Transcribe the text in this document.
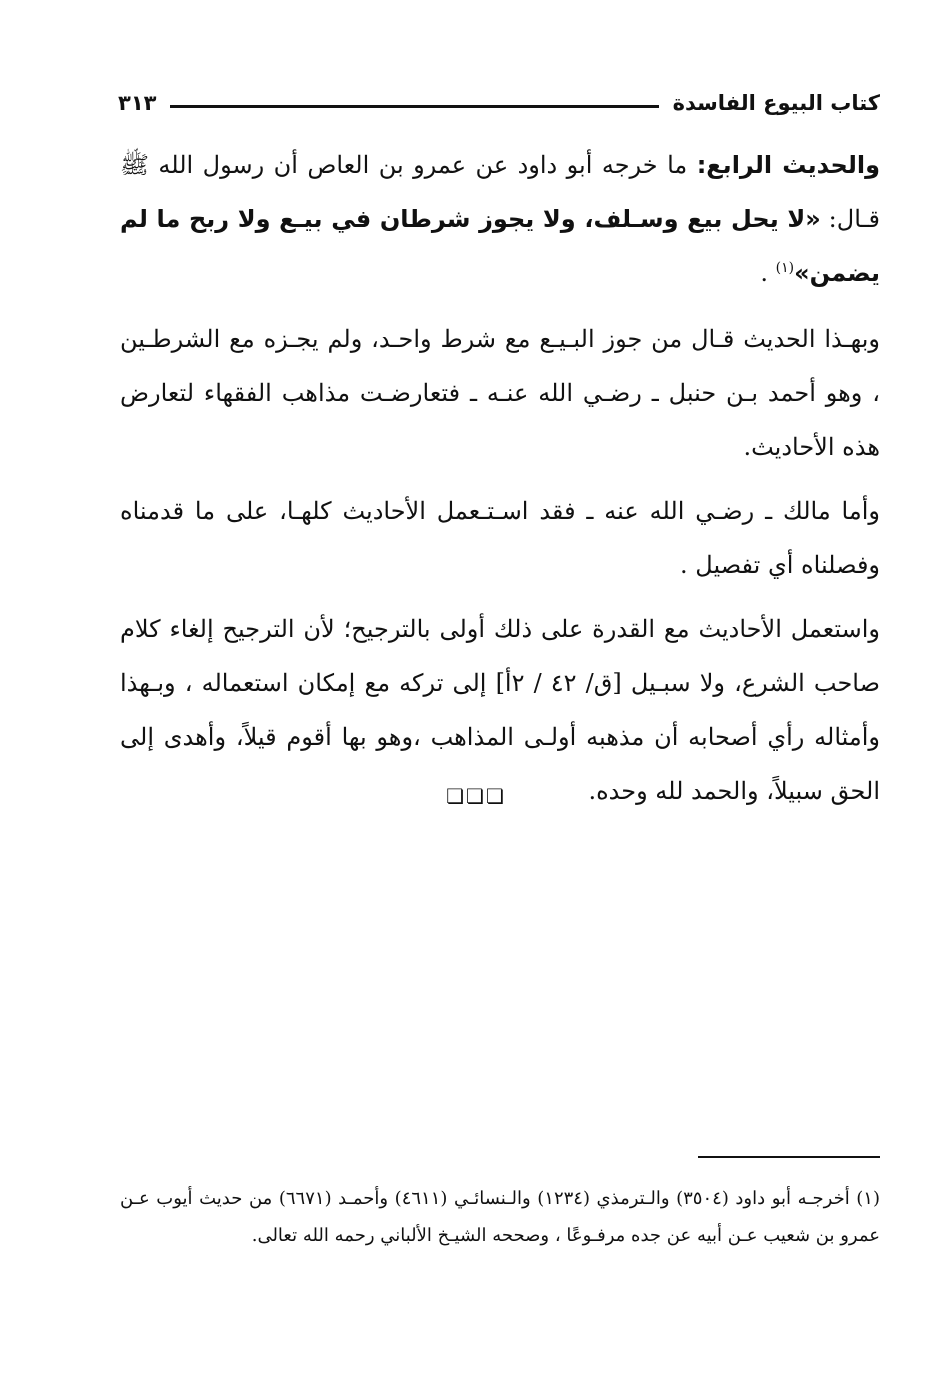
كتاب البيوع الفاسدة
٣١٣

والحديث الرابع: ما خرجه أبو داود عن عمرو بن العاص أن رسول الله ﷺ قـال: «لا يحل بيع وسـلف، ولا يجوز شرطان في بيـع ولا ربح ما لم يضمن»$^{(١)}$ .

وبهـذا الحديث قـال من جوز البـيـع مع شرط واحـد، ولم يجـزه مع الشرطـين ، وهو أحمد بـن حنبل ـ رضـي الله عنـه ـ فتعارضـت مذاهب الفقهاء لتعارض هذه الأحاديث.

وأما مالك ـ رضـي الله عنه ـ فقد اسـتـعمل الأحاديث كلهـا، على ما قدمناه وفصلناه أي تفصيل .

واستعمل الأحاديث مع القدرة على ذلك أولى بالترجيح؛ لأن الترجيح إلغاء كلام صاحب الشرع، ولا سبـيل [ق/ ٤٢ / ٢أ] إلى تركه مع إمكان استعماله ، وبـهذا وأمثاله رأي أصحابه أن مذهبه أولـى المذاهب ،وهو بها أقوم قيلاً، وأهدى إلى الحق سبيلاً، والحمد لله وحده.

❏❏❏
(١) أخرجـه أبو داود (٣٥٠٤) والـترمذي (١٢٣٤) والـنسائـي (٤٦١١) وأحمـد (٦٦٧١) من حديث أيوب عـن عمرو بن شعيب عـن أبيه عن جده مرفـوعًا ، وصححه الشيـخ الألباني رحمه الله تعالى.
